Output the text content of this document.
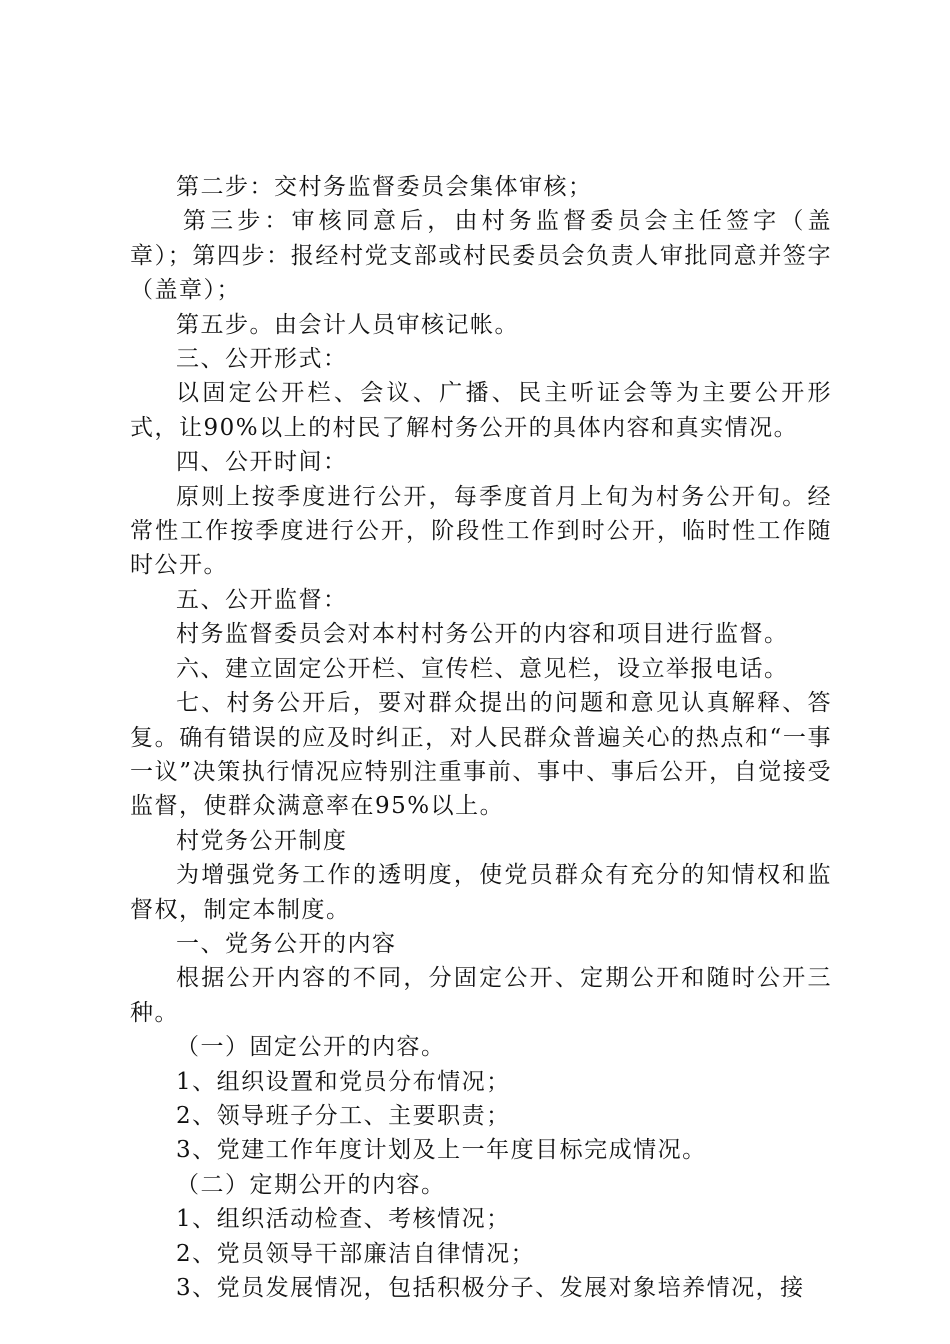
第二步：交村务监督委员会集体审核；

第三步：审核同意后，由村务监督委员会主任签字（盖章）；第四步：报经村党支部或村民委员会负责人审批同意并签字（盖章）；

第五步。由会计人员审核记帐。

三、公开形式：

以固定公开栏、会议、广播、民主听证会等为主要公开形式，让90%以上的村民了解村务公开的具体内容和真实情况。

四、公开时间：

原则上按季度进行公开，每季度首月上旬为村务公开旬。经常性工作按季度进行公开，阶段性工作到时公开，临时性工作随时公开。

五、公开监督：

村务监督委员会对本村村务公开的内容和项目进行监督。

六、建立固定公开栏、宣传栏、意见栏，设立举报电话。

七、村务公开后，要对群众提出的问题和意见认真解释、答复。确有错误的应及时纠正，对人民群众普遍关心的热点和“一事一议”决策执行情况应特别注重事前、事中、事后公开，自觉接受监督，使群众满意率在95%以上。

村党务公开制度

为增强党务工作的透明度，使党员群众有充分的知情权和监督权，制定本制度。

一、党务公开的内容

根据公开内容的不同，分固定公开、定期公开和随时公开三种。

（一）固定公开的内容。

1、组织设置和党员分布情况；

2、领导班子分工、主要职责；

3、党建工作年度计划及上一年度目标完成情况。

（二）定期公开的内容。

1、组织活动检查、考核情况；

2、党员领导干部廉洁自律情况；

3、党员发展情况，包括积极分子、发展对象培养情况，接
